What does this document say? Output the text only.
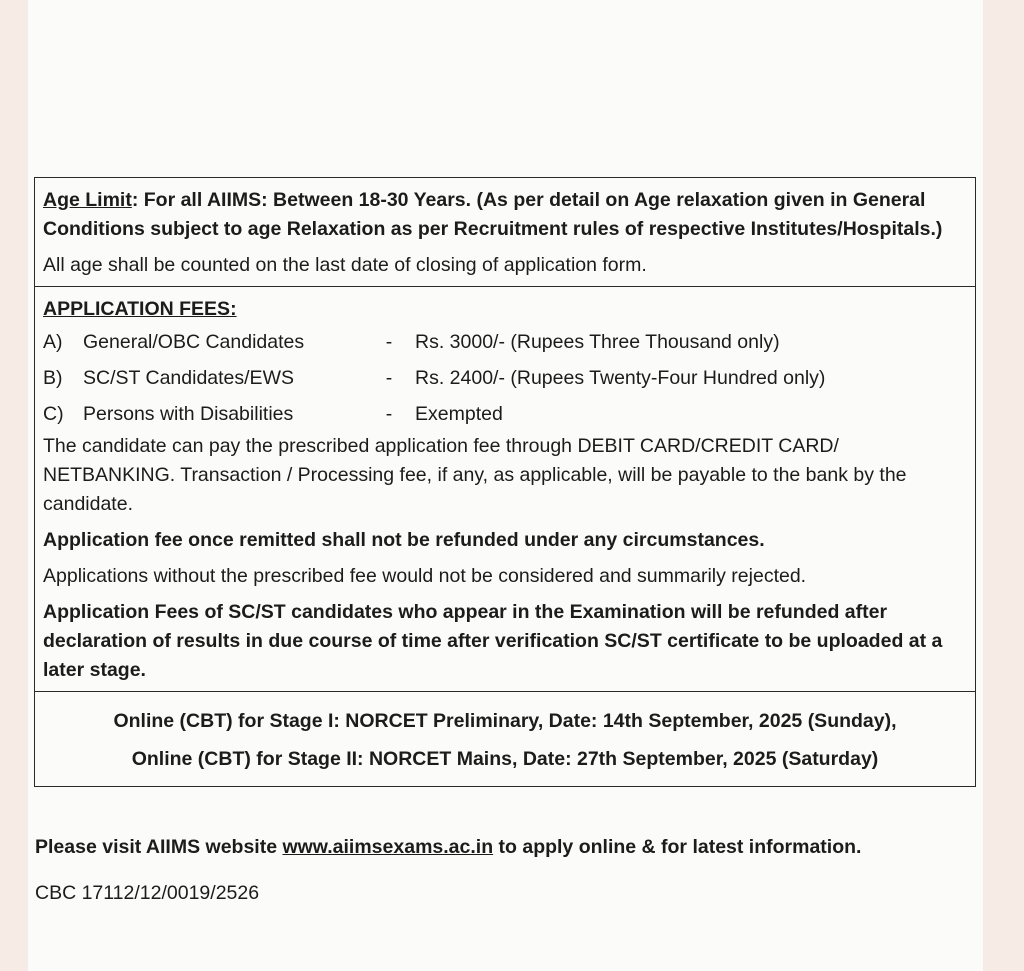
Age Limit: For all AIIMS: Between 18-30 Years. (As per detail on Age relaxation given in General Conditions subject to age Relaxation as per Recruitment rules of respective Institutes/Hospitals.)

All age shall be counted on the last date of closing of application form.

APPLICATION FEES:

A) General/OBC Candidates	-	Rs. 3000/- (Rupees Three Thousand only)
B) SC/ST Candidates/EWS	-	Rs. 2400/- (Rupees Twenty-Four Hundred only)
C) Persons with Disabilities	-	Exempted

The candidate can pay the prescribed application fee through DEBIT CARD/CREDIT CARD/ NETBANKING. Transaction / Processing fee, if any, as applicable, will be payable to the bank by the candidate.

Application fee once remitted shall not be refunded under any circumstances.

Applications without the prescribed fee would not be considered and summarily rejected.

Application Fees of SC/ST candidates who appear in the Examination will be refunded after declaration of results in due course of time after verification SC/ST certificate to be uploaded at a later stage.

Online (CBT) for Stage I: NORCET Preliminary, Date: 14th September, 2025 (Sunday),

Online (CBT) for Stage II: NORCET Mains, Date: 27th September, 2025 (Saturday)

Please visit AIIMS website www.aiimsexams.ac.in to apply online & for latest information.
CBC 17112/12/0019/2526
